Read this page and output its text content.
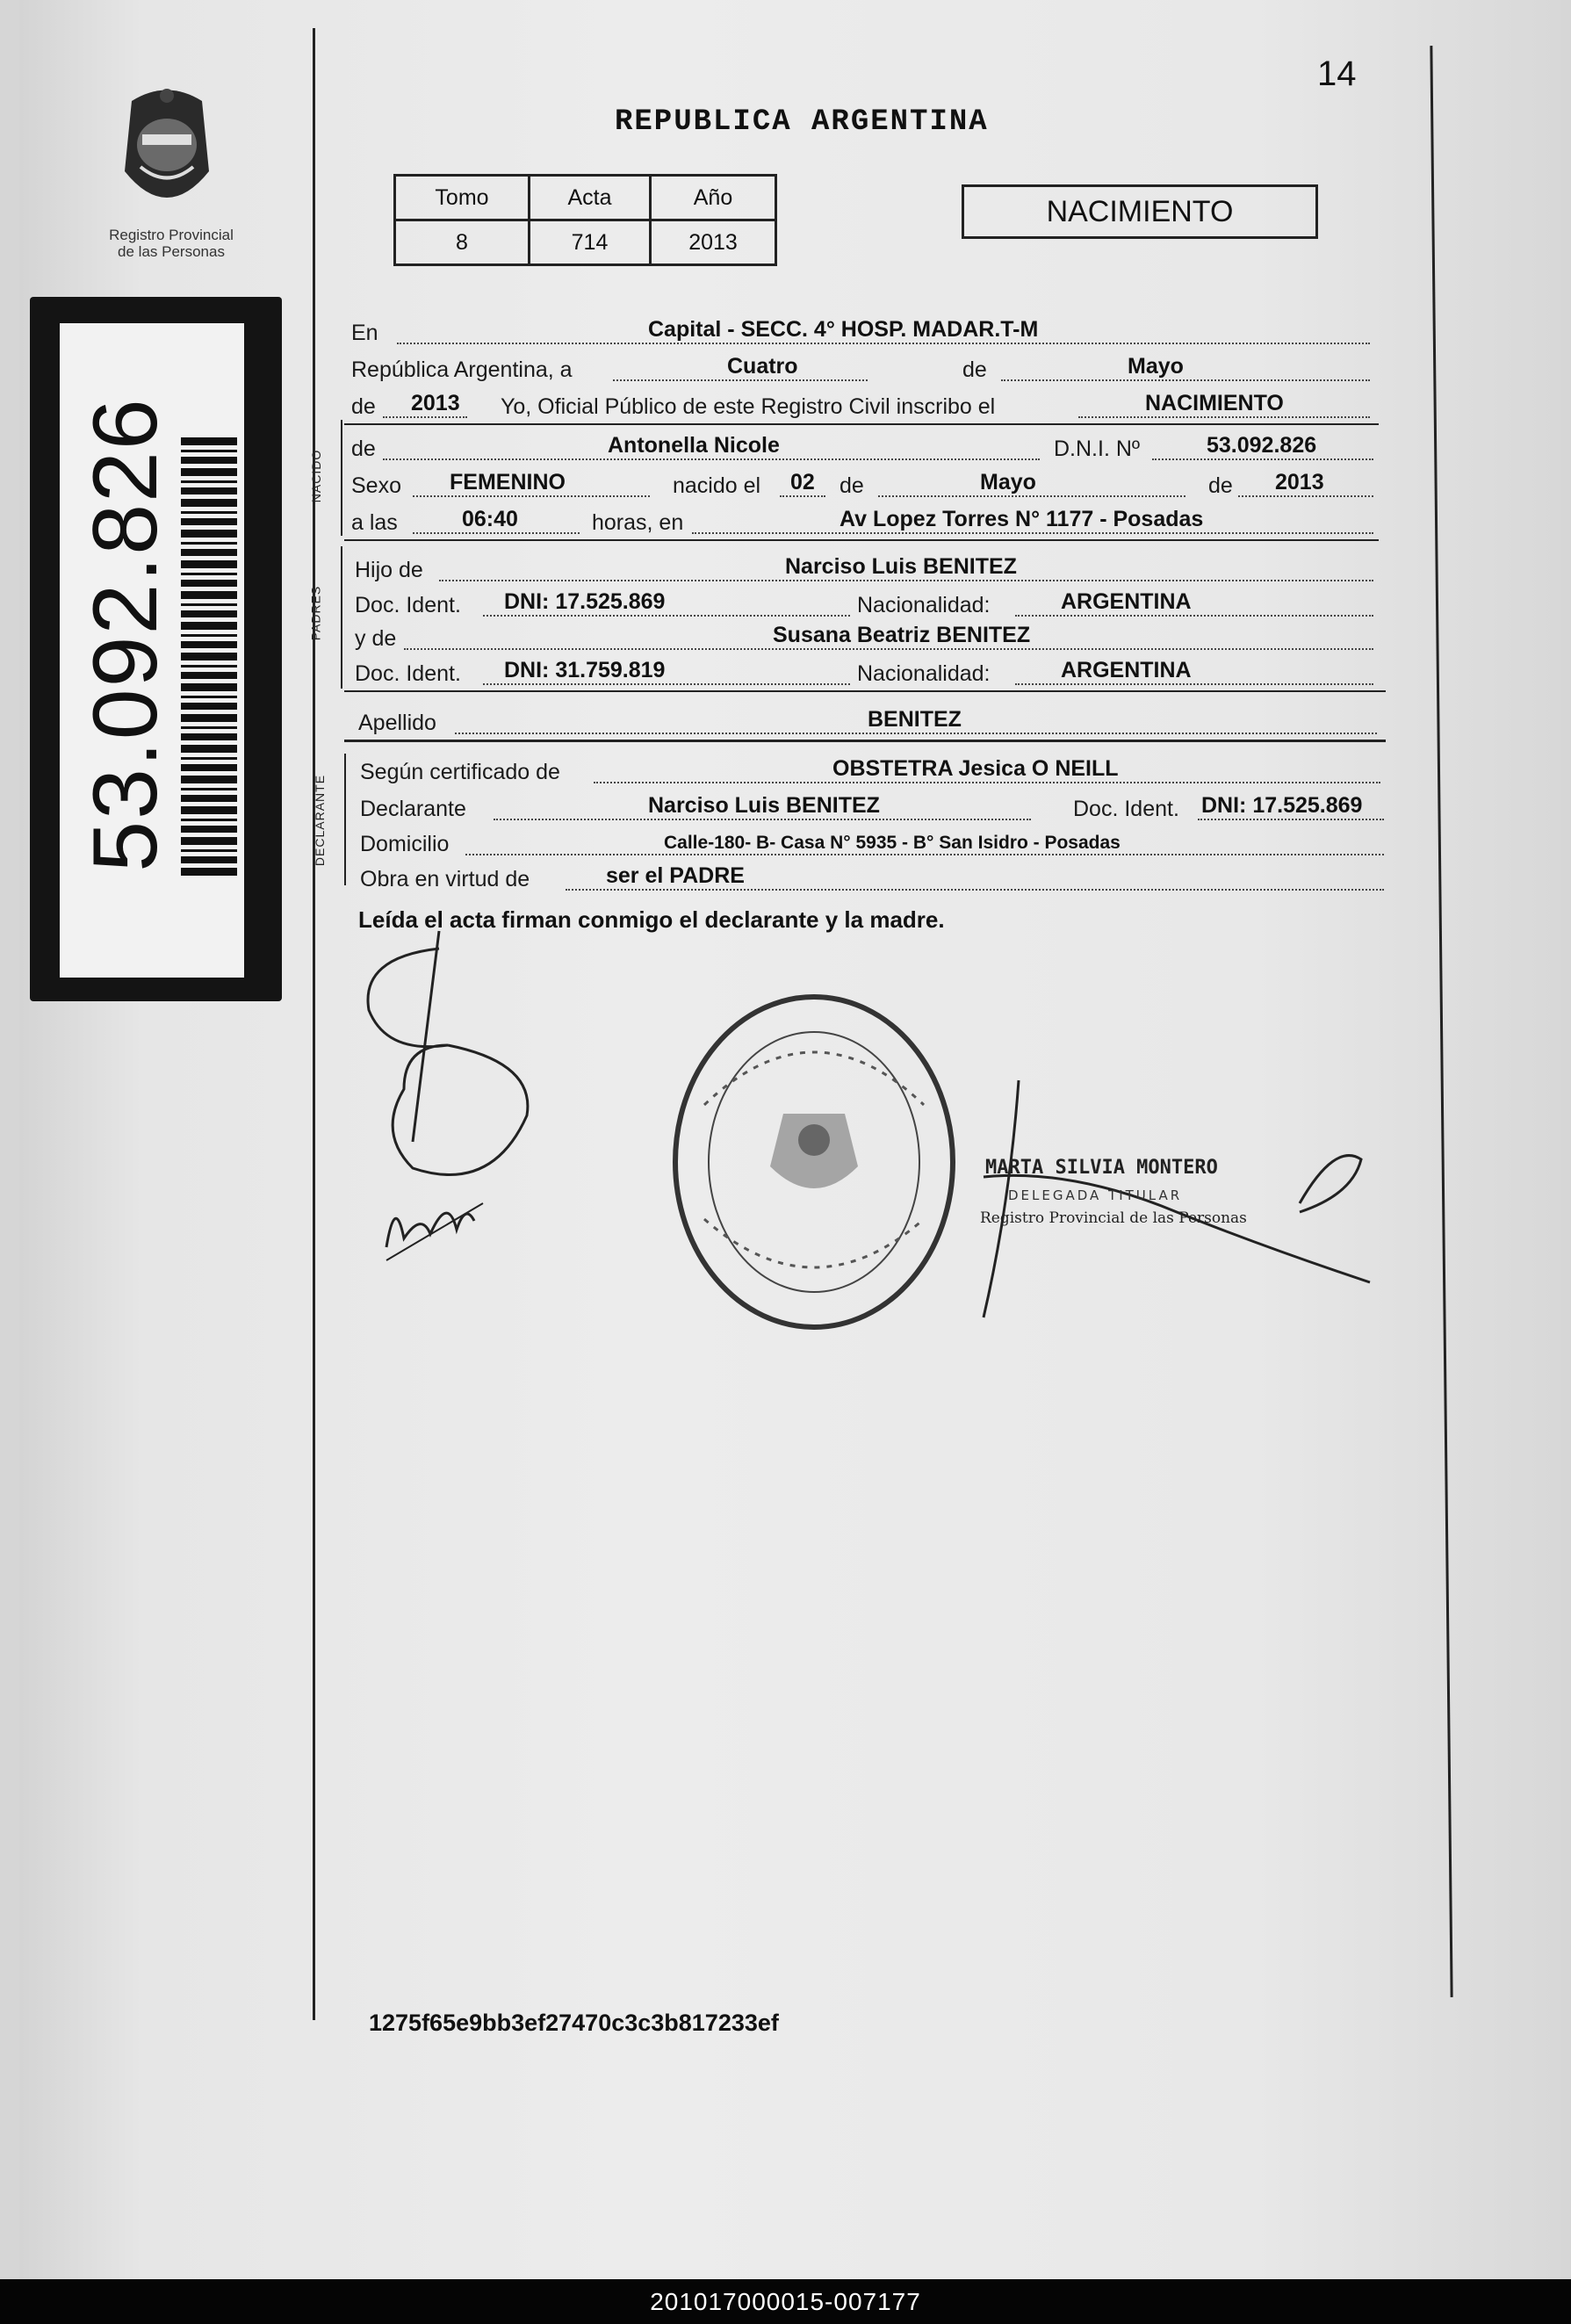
Registro Provincial
de las Personas
53.092.826
14
REPUBLICA ARGENTINA
Tomo	Acta	Año
8	714	2013
NACIMIENTO
NACIDO
PADRES
DECLARANTE
En	Capital - SECC. 4° HOSP. MADAR.T-M
República Argentina, a	Cuatro	de	Mayo
de 2013 Yo, Oficial Público de este Registro Civil inscribo el	NACIMIENTO
de	Antonella Nicole	D.N.I. Nº	53.092.826
Sexo FEMENINO	nacido el 02 de	Mayo	de 2013
a las	06:40	horas, en	Av Lopez Torres N° 1177 - Posadas
Hijo de	Narciso Luis BENITEZ
Doc. Ident. DNI: 17.525.869	Nacionalidad:	ARGENTINA
y de	Susana Beatriz BENITEZ
Doc. Ident. DNI: 31.759.819	Nacionalidad:	ARGENTINA
Apellido	BENITEZ
Según certificado de	OBSTETRA Jesica O NEILL
Declarante	Narciso Luis BENITEZ	Doc. Ident. DNI: 17.525.869
Domicilio	Calle-180- B- Casa N° 5935 - B° San Isidro - Posadas
Obra en virtud de	ser el PADRE
Leída el acta firman conmigo el declarante y la madre.
MARTA SILVIA MONTERO
DELEGADA TITULAR
Registro Provincial de las Personas
1275f65e9bb3ef27470c3c3b817233ef
201017000015-007177
